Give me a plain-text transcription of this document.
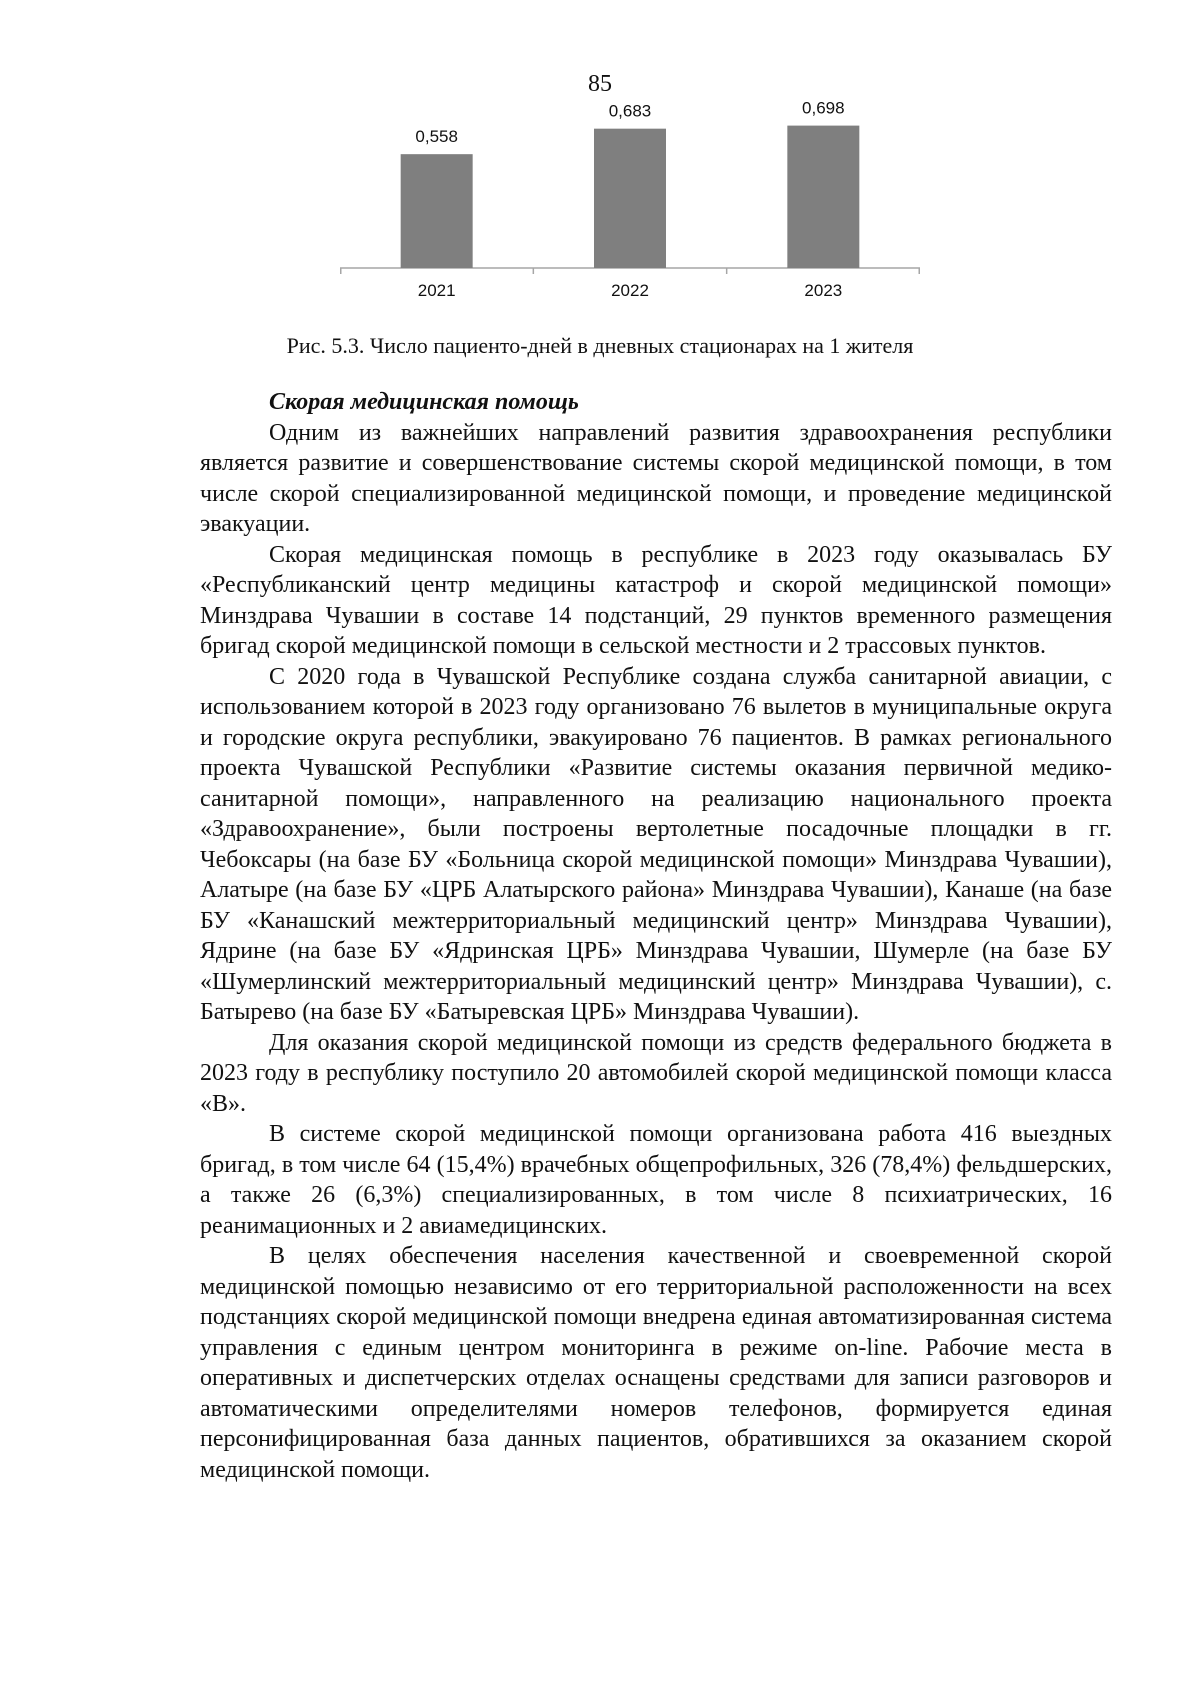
85
0,558
2021
0,683
2022
0,698
2023
Рис. 5.3. Число пациенто-дней в дневных стационарах на 1 жителя

Скорая медицинская помощь

Одним из важнейших направлений развития здравоохранения республики является развитие и совершенствование системы скорой медицинской помощи, в том числе скорой специализированной медицинской помощи, и проведение медицинской эвакуации.

Скорая медицинская помощь в республике в 2023 году оказывалась БУ «Республиканский центр медицины катастроф и скорой медицинской помощи» Минздрава Чувашии в составе 14 подстанций, 29 пунктов временного размещения бригад скорой медицинской помощи в сельской местности и 2 трассовых пунктов.

С 2020 года в Чувашской Республике создана служба санитарной авиации, с использованием которой в 2023 году организовано 76 вылетов в муниципальные округа и городские округа республики, эвакуировано 76 пациентов. В рамках регионального проекта Чувашской Республики «Развитие системы оказания первичной медико-санитарной помощи», направленного на реализацию национального проекта «Здравоохранение», были построены вертолетные посадочные площадки в гг. Чебоксары (на базе БУ «Больница скорой медицинской помощи» Минздрава Чувашии), Алатыре (на базе БУ «ЦРБ Алатырского района» Минздрава Чувашии), Канаше (на базе БУ «Канашский межтерриториальный медицинский центр» Минздрава Чувашии), Ядрине (на базе БУ «Ядринская ЦРБ» Минздрава Чувашии, Шумерле (на базе БУ «Шумерлинский межтерриториальный медицинский центр» Минздрава Чувашии), с. Батырево (на базе БУ «Батыревская ЦРБ» Минздрава Чувашии).

Для оказания скорой медицинской помощи из средств федерального бюджета в 2023 году в республику поступило 20 автомобилей скорой медицинской помощи класса «В».

В системе скорой медицинской помощи организована работа 416 выездных бригад, в том числе 64 (15,4%) врачебных общепрофильных, 326 (78,4%) фельдшерских, а также 26 (6,3%) специализированных, в том числе 8 психиатрических, 16 реанимационных и 2 авиамедицинских.

В целях обеспечения населения качественной и своевременной скорой медицинской помощью независимо от его территориальной расположенности на всех подстанциях скорой медицинской помощи внедрена единая автоматизированная система управления с единым центром мониторинга в режиме on-line. Рабочие места в оперативных и диспетчерских отделах оснащены средствами для записи разговоров и автоматическими определителями номеров телефонов, формируется единая персонифицированная база данных пациентов, обратившихся за оказанием скорой медицинской помощи.
